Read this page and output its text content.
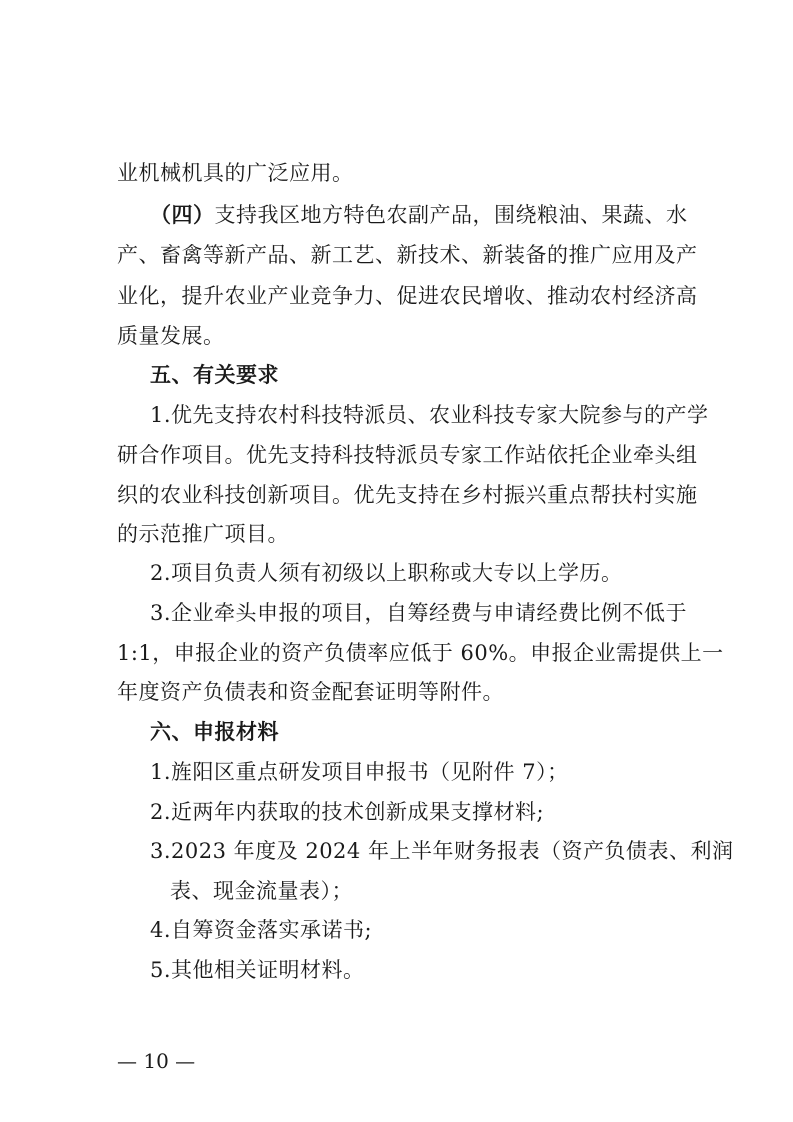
业机械机具的广泛应用。
（四）支持我区地方特色农副产品，围绕粮油、果蔬、水
产、畜禽等新产品、新工艺、新技术、新装备的推广应用及产
业化，提升农业产业竞争力、促进农民增收、推动农村经济高
质量发展。
五、有关要求
1.优先支持农村科技特派员、农业科技专家大院参与的产学
研合作项目。优先支持科技特派员专家工作站依托企业牵头组
织的农业科技创新项目。优先支持在乡村振兴重点帮扶村实施
的示范推广项目。
2.项目负责人须有初级以上职称或大专以上学历。
3.企业牵头申报的项目，自筹经费与申请经费比例不低于
1:1，申报企业的资产负债率应低于 60%。申报企业需提供上一
年度资产负债表和资金配套证明等附件。
六、申报材料
1.旌阳区重点研发项目申报书（见附件 7）；
2.近两年内获取的技术创新成果支撑材料;
3.2023 年度及 2024 年上半年财务报表（资产负债表、利润
表、现金流量表）；
4.自筹资金落实承诺书;
5.其他相关证明材料。
— 10 —
